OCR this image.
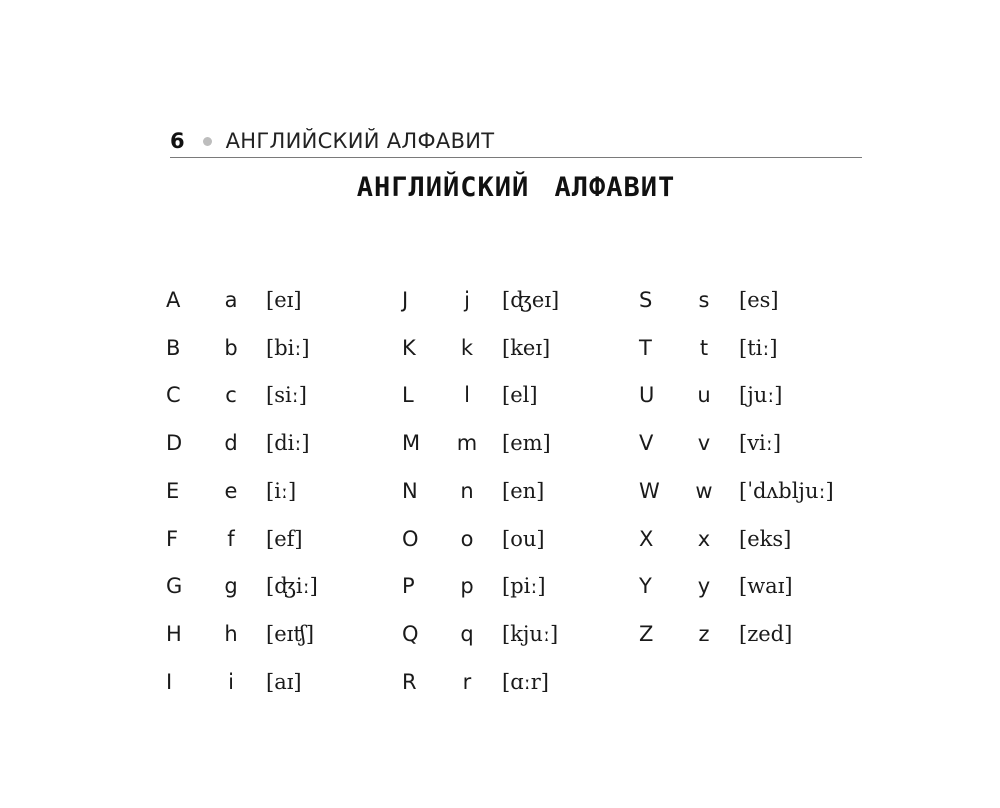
6 АНГЛИЙСКИЙ АЛФАВИТ
АНГЛИЙСКИЙ АЛФАВИТ
A	a	[eɪ]	J	j	[ʤeɪ]	S	s	[es]
B	b	[biː]	K	k	[keɪ]	T	t	[tiː]
C	c	[siː]	L	l	[el]	U	u	[juː]
D	d	[diː]	M m [em]	V	v	[viː]
E	e	[iː]	N	n	[en]	W	w	[ˈdʌbljuː]
F	f	[ef]	O	o	[ou]	X	x	[eks]
G	g	[ʤiː]	P	p	[piː]	Y	y	[waɪ]
H	h	[eɪʧ]	Q	q	[kjuː]	Z	z	[zed]
I	i	[aɪ]	R	r	[ɑːr]
